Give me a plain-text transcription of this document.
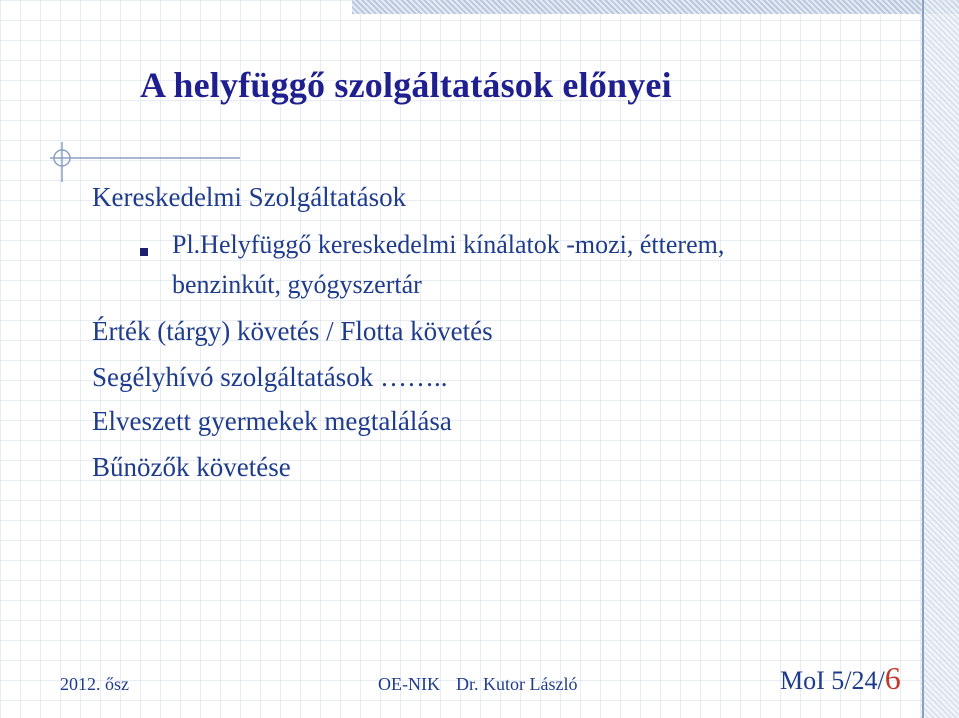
A helyfüggő szolgáltatások előnyei
Kereskedelmi Szolgáltatások
Pl.Helyfüggő kereskedelmi kínálatok -mozi, étterem,
benzinkút, gyógyszertár
Érték (tárgy) követés / Flotta követés
Segélyhívó szolgáltatások ……..
Elveszett gyermekek megtalálása
Bűnözők követése
2012. ősz	OE-NIK Dr. Kutor László	MoI 5/24/6
